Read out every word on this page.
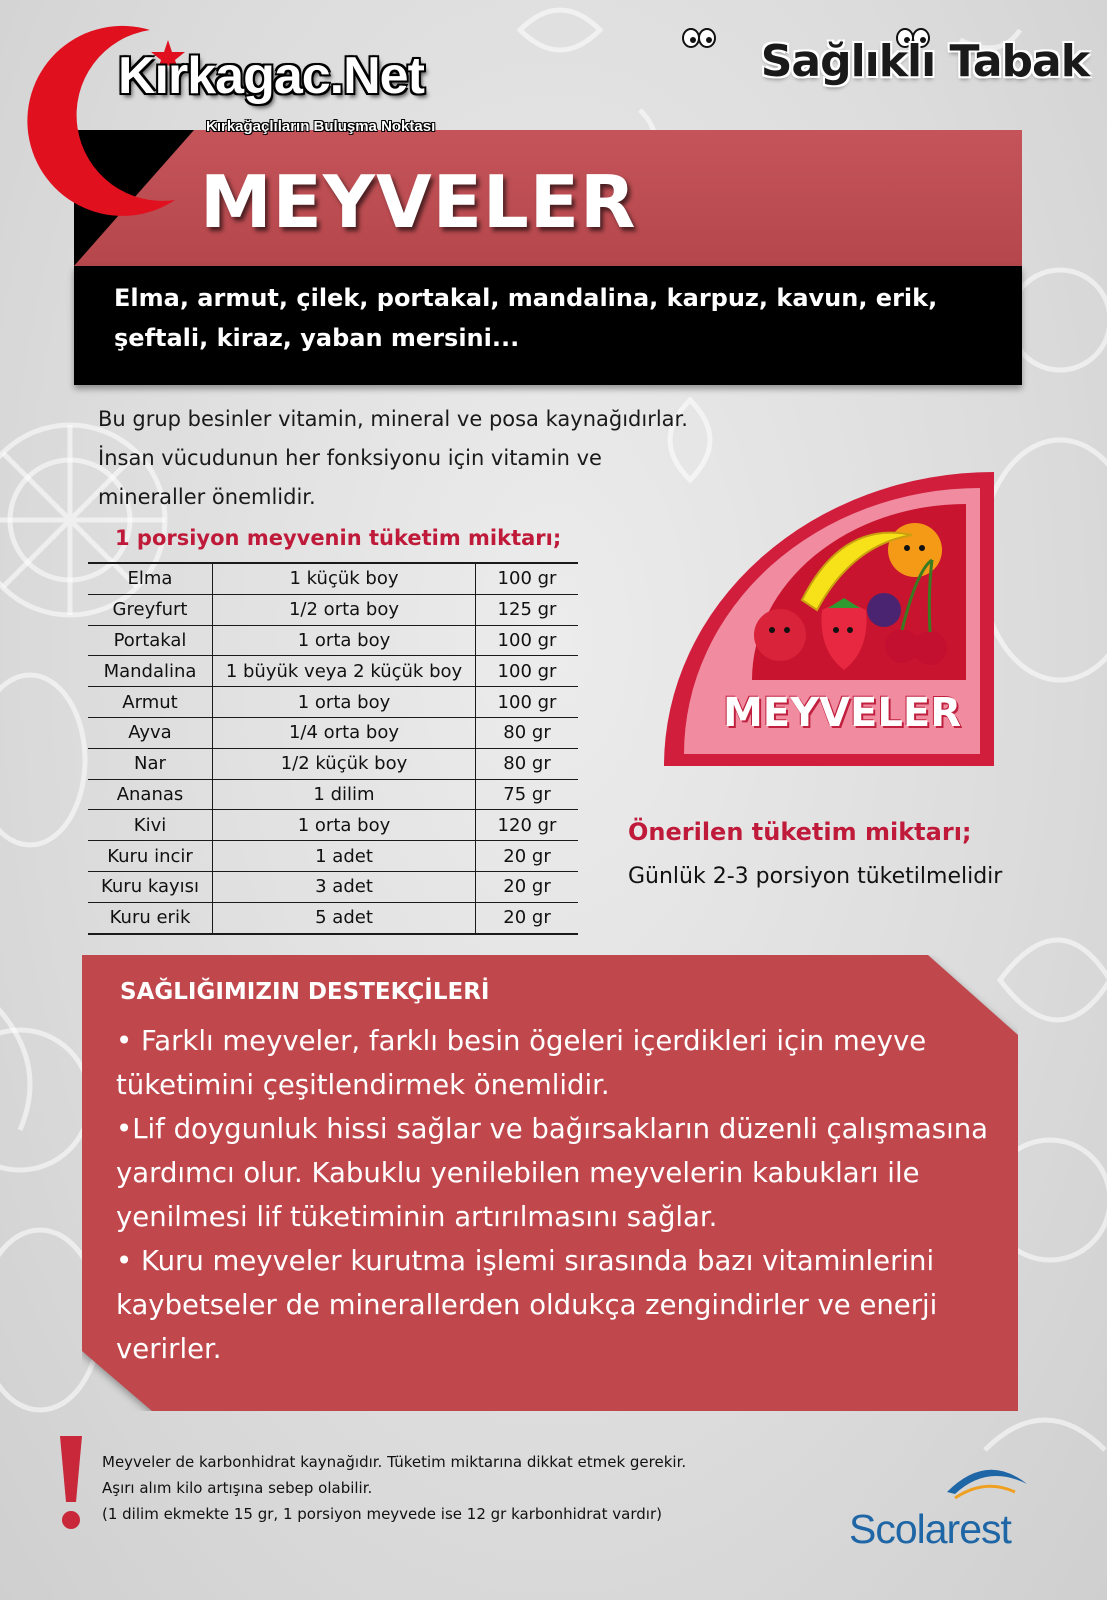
Kırkagac.Net
Kırkağaçlıların Buluşma Noktası
Sağlıklı Tabak
MEYVELER
Elma, armut, çilek, portakal, mandalina, karpuz, kavun, erik, şeftali, kiraz, yaban mersini...
Bu grup besinler vitamin, mineral ve posa kaynağıdırlar.
İnsan vücudunun her fonksiyonu için vitamin ve
mineraller önemlidir.
1 porsiyon meyvenin tüketim miktarı;
Elma	1 küçük boy	100 gr
Greyfurt	1/2 orta boy	125 gr
Portakal	1 orta boy	100 gr
Mandalina	1 büyük veya 2 küçük boy	100 gr
Armut	1 orta boy	100 gr
Ayva	1/4 orta boy	80 gr
Nar	1/2 küçük boy	80 gr
Ananas	1 dilim	75 gr
Kivi	1 orta boy	120 gr
Kuru incir	1 adet	20 gr
Kuru kayısı	3 adet	20 gr
Kuru erik	5 adet	20 gr
MEYVELER
Önerilen tüketim miktarı;
Günlük 2-3 porsiyon tüketilmelidir
SAĞLIĞIMIZIN DESTEKÇİLERİ

• Farklı meyveler, farklı besin ögeleri içerdikleri için meyve tüketimini çeşitlendirmek önemlidir.

•Lif doygunluk hissi sağlar ve bağırsakların düzenli çalışmasına yardımcı olur. Kabuklu yenilebilen meyvelerin kabukları ile yenilmesi lif tüketiminin artırılmasını sağlar.

• Kuru meyveler kurutma işlemi sırasında bazı vitaminlerini kaybetseler de minerallerden oldukça zengindirler ve enerji verirler.

Meyveler de karbonhidrat kaynağıdır. Tüketim miktarına dikkat etmek gerekir.
Aşırı alım kilo artışına sebep olabilir.
(1 dilim ekmekte 15 gr, 1 porsiyon meyvede ise 12 gr karbonhidrat vardır)	Scolarest
